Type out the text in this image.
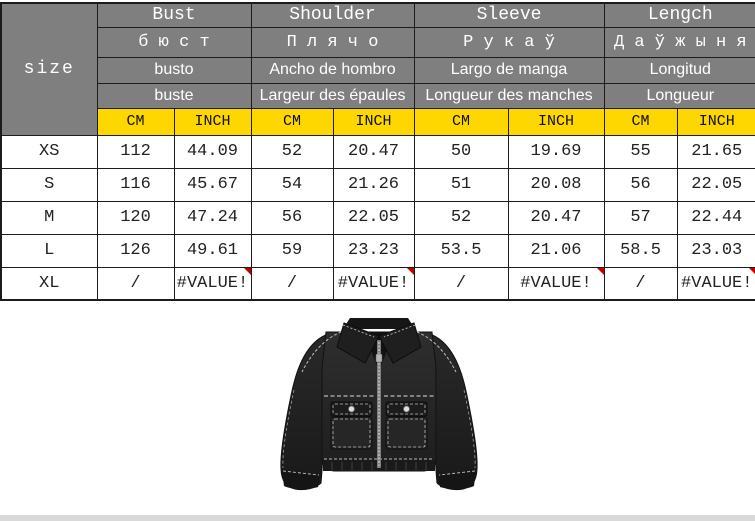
size	Bust		Shoulder		Sleeve		Lengch	
	б ю с т		П л я ч о		Р у к а ў		Д а ў ж ы н я	
	busto		Ancho de hombro		Largo de manga		Longitud	
	buste		Largeur des épaules		Longueur des manches		Longueur	
	CM	INCH	CM	INCH	CM	INCH	CM	INCH
XS	112	44.09	52	20.47	50	19.69	55	21.65
S	116	45.67	54	21.26	51	20.08	56	22.05
M	120	47.24	56	22.05	52	20.47	57	22.44
L	126	49.61	59	23.23	53.5	21.06	58.5	23.03
XL	/	#VALUE!	/	#VALUE!	/	#VALUE!	/	#VALUE!
